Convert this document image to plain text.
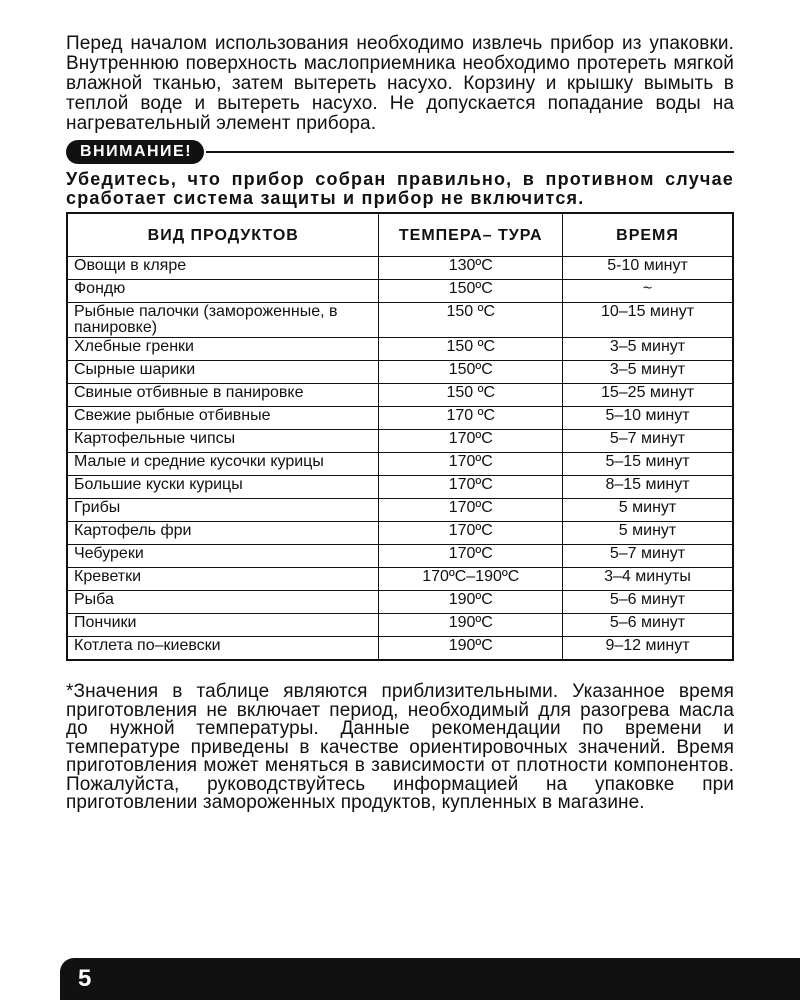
Перед началом использования необходимо извлечь прибор из упаковки. Внутреннюю поверхность маслоприемника необходимо протереть мягкой влажной тканью, затем вытереть насухо. Корзину и крышку вымыть в теплой воде и вытереть насухо. Не допускается попадание воды на нагревательный элемент прибора.

ВНИМАНИЕ!

Убедитесь, что прибор собран правильно, в противном случае сработает система защиты и прибор не включится.

ВИД ПРОДУКТОВ	ТЕМПЕРА– ТУРА	ВРЕМЯ
Овощи в кляре	130ºC	5-10 минут
Фондю	150ºC	~
Рыбные палочки (замороженные, в панировке)	150 ºC	10–15 минут
Хлебные гренки	150 ºC	3–5 минут
Сырные шарики	150ºC	3–5 минут
Свиные отбивные в панировке	150 ºC	15–25 минут
Свежие рыбные отбивные	170 ºC	5–10 минут
Картофельные чипсы	170ºC	5–7 минут
Малые и средние кусочки курицы	170ºC	5–15 минут
Большие куски курицы	170ºC	8–15 минут
Грибы	170ºC	5 минут
Картофель фри	170ºC	5 минут
Чебуреки	170ºC	5–7 минут
Креветки	170ºC–190ºC	3–4 минуты
Рыба	190ºC	5–6 минут
Пончики	190ºC	5–6 минут
Котлета по–киевски	190ºC	9–12 минут

*Значения в таблице являются приблизительными. Указанное время приготовления не включает период, необходимый для разогрева масла до нужной температуры. Данные рекомендации по времени и температуре приведены в качестве ориентировочных значений. Время приготовления может меняться в зависимости от плотности компонентов. Пожалуйста, руководствуйтесь информацией на упаковке при приготовлении замороженных продуктов, купленных в магазине.

5
